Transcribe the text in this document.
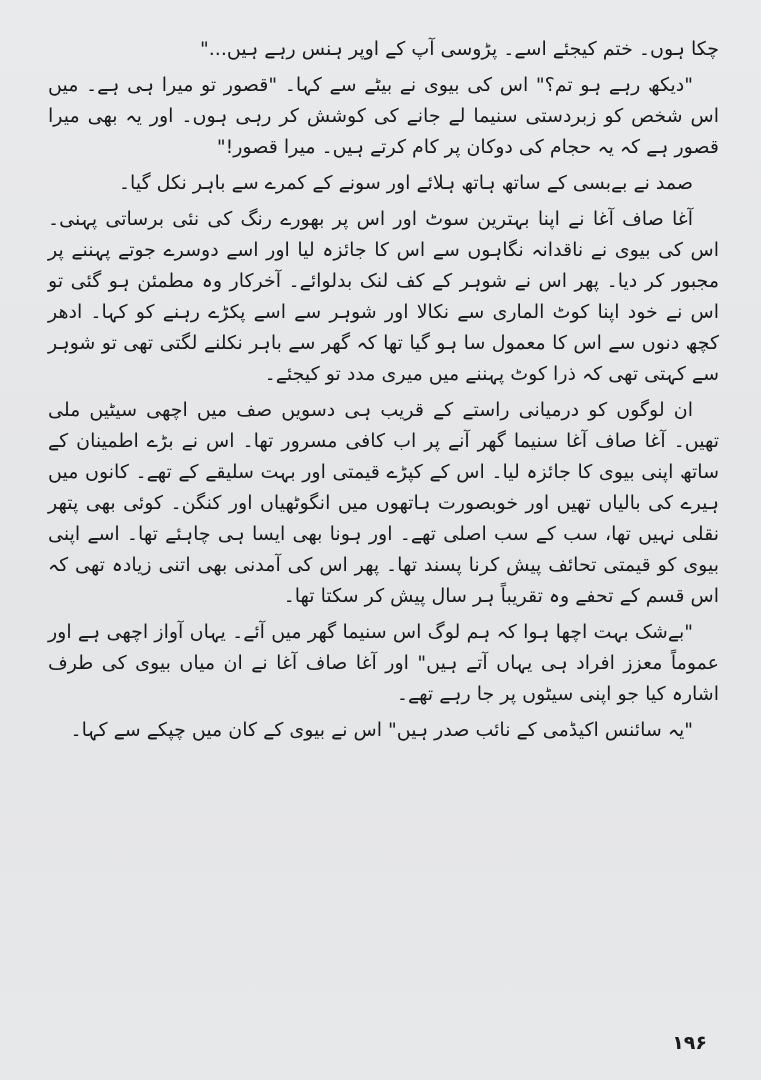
چکا ہوں۔ ختم کیجئے اسے۔ پڑوسی آپ کے اوپر ہنس رہے ہیں..."

"دیکھ رہے ہو تم؟" اس کی بیوی نے بیٹے سے کہا۔ "قصور تو میرا ہی ہے۔ میں اس شخص کو زبردستی سنیما لے جانے کی کوشش کر رہی ہوں۔ اور یہ بھی میرا قصور ہے کہ یہ حجام کی دوکان پر کام کرتے ہیں۔ میرا قصور!"

صمد نے بےبسی کے ساتھ ہاتھ ہلائے اور سونے کے کمرے سے باہر نکل گیا۔

آغا صاف آغا نے اپنا بہترین سوٹ اور اس پر بھورے رنگ کی نئی برساتی پہنی۔ اس کی بیوی نے ناقدانہ نگاہوں سے اس کا جائزہ لیا اور اسے دوسرے جوتے پہننے پر مجبور کر دیا۔ پھر اس نے شوہر کے کف لنک بدلوائے۔ آخرکار وہ مطمئن ہو گئی تو اس نے خود اپنا کوٹ الماری سے نکالا اور شوہر سے اسے پکڑے رہنے کو کہا۔ ادھر کچھ دنوں سے اس کا معمول سا ہو گیا تھا کہ گھر سے باہر نکلنے لگتی تھی تو شوہر سے کہتی تھی کہ ذرا کوٹ پہننے میں میری مدد تو کیجئے۔

ان لوگوں کو درمیانی راستے کے قریب ہی دسویں صف میں اچھی سیٹیں ملی تھیں۔ آغا صاف آغا سنیما گھر آنے پر اب کافی مسرور تھا۔ اس نے بڑے اطمینان کے ساتھ اپنی بیوی کا جائزہ لیا۔ اس کے کپڑے قیمتی اور بہت سلیقے کے تھے۔ کانوں میں ہیرے کی بالیاں تھیں اور خوبصورت ہاتھوں میں انگوٹھیاں اور کنگن۔ کوئی بھی پتھر نقلی نہیں تھا، سب کے سب اصلی تھے۔ اور ہونا بھی ایسا ہی چاہئے تھا۔ اسے اپنی بیوی کو قیمتی تحائف پیش کرنا پسند تھا۔ پھر اس کی آمدنی بھی اتنی زیادہ تھی کہ اس قسم کے تحفے وہ تقریباً ہر سال پیش کر سکتا تھا۔

"بےشک بہت اچھا ہوا کہ ہم لوگ اس سنیما گھر میں آئے۔ یہاں آواز اچھی ہے اور عموماً معزز افراد ہی یہاں آتے ہیں" اور آغا صاف آغا نے ان میاں بیوی کی طرف اشارہ کیا جو اپنی سیٹوں پر جا رہے تھے۔

"یہ سائنس اکیڈمی کے نائب صدر ہیں" اس نے بیوی کے کان میں چپکے سے کہا۔

۱۹۶
